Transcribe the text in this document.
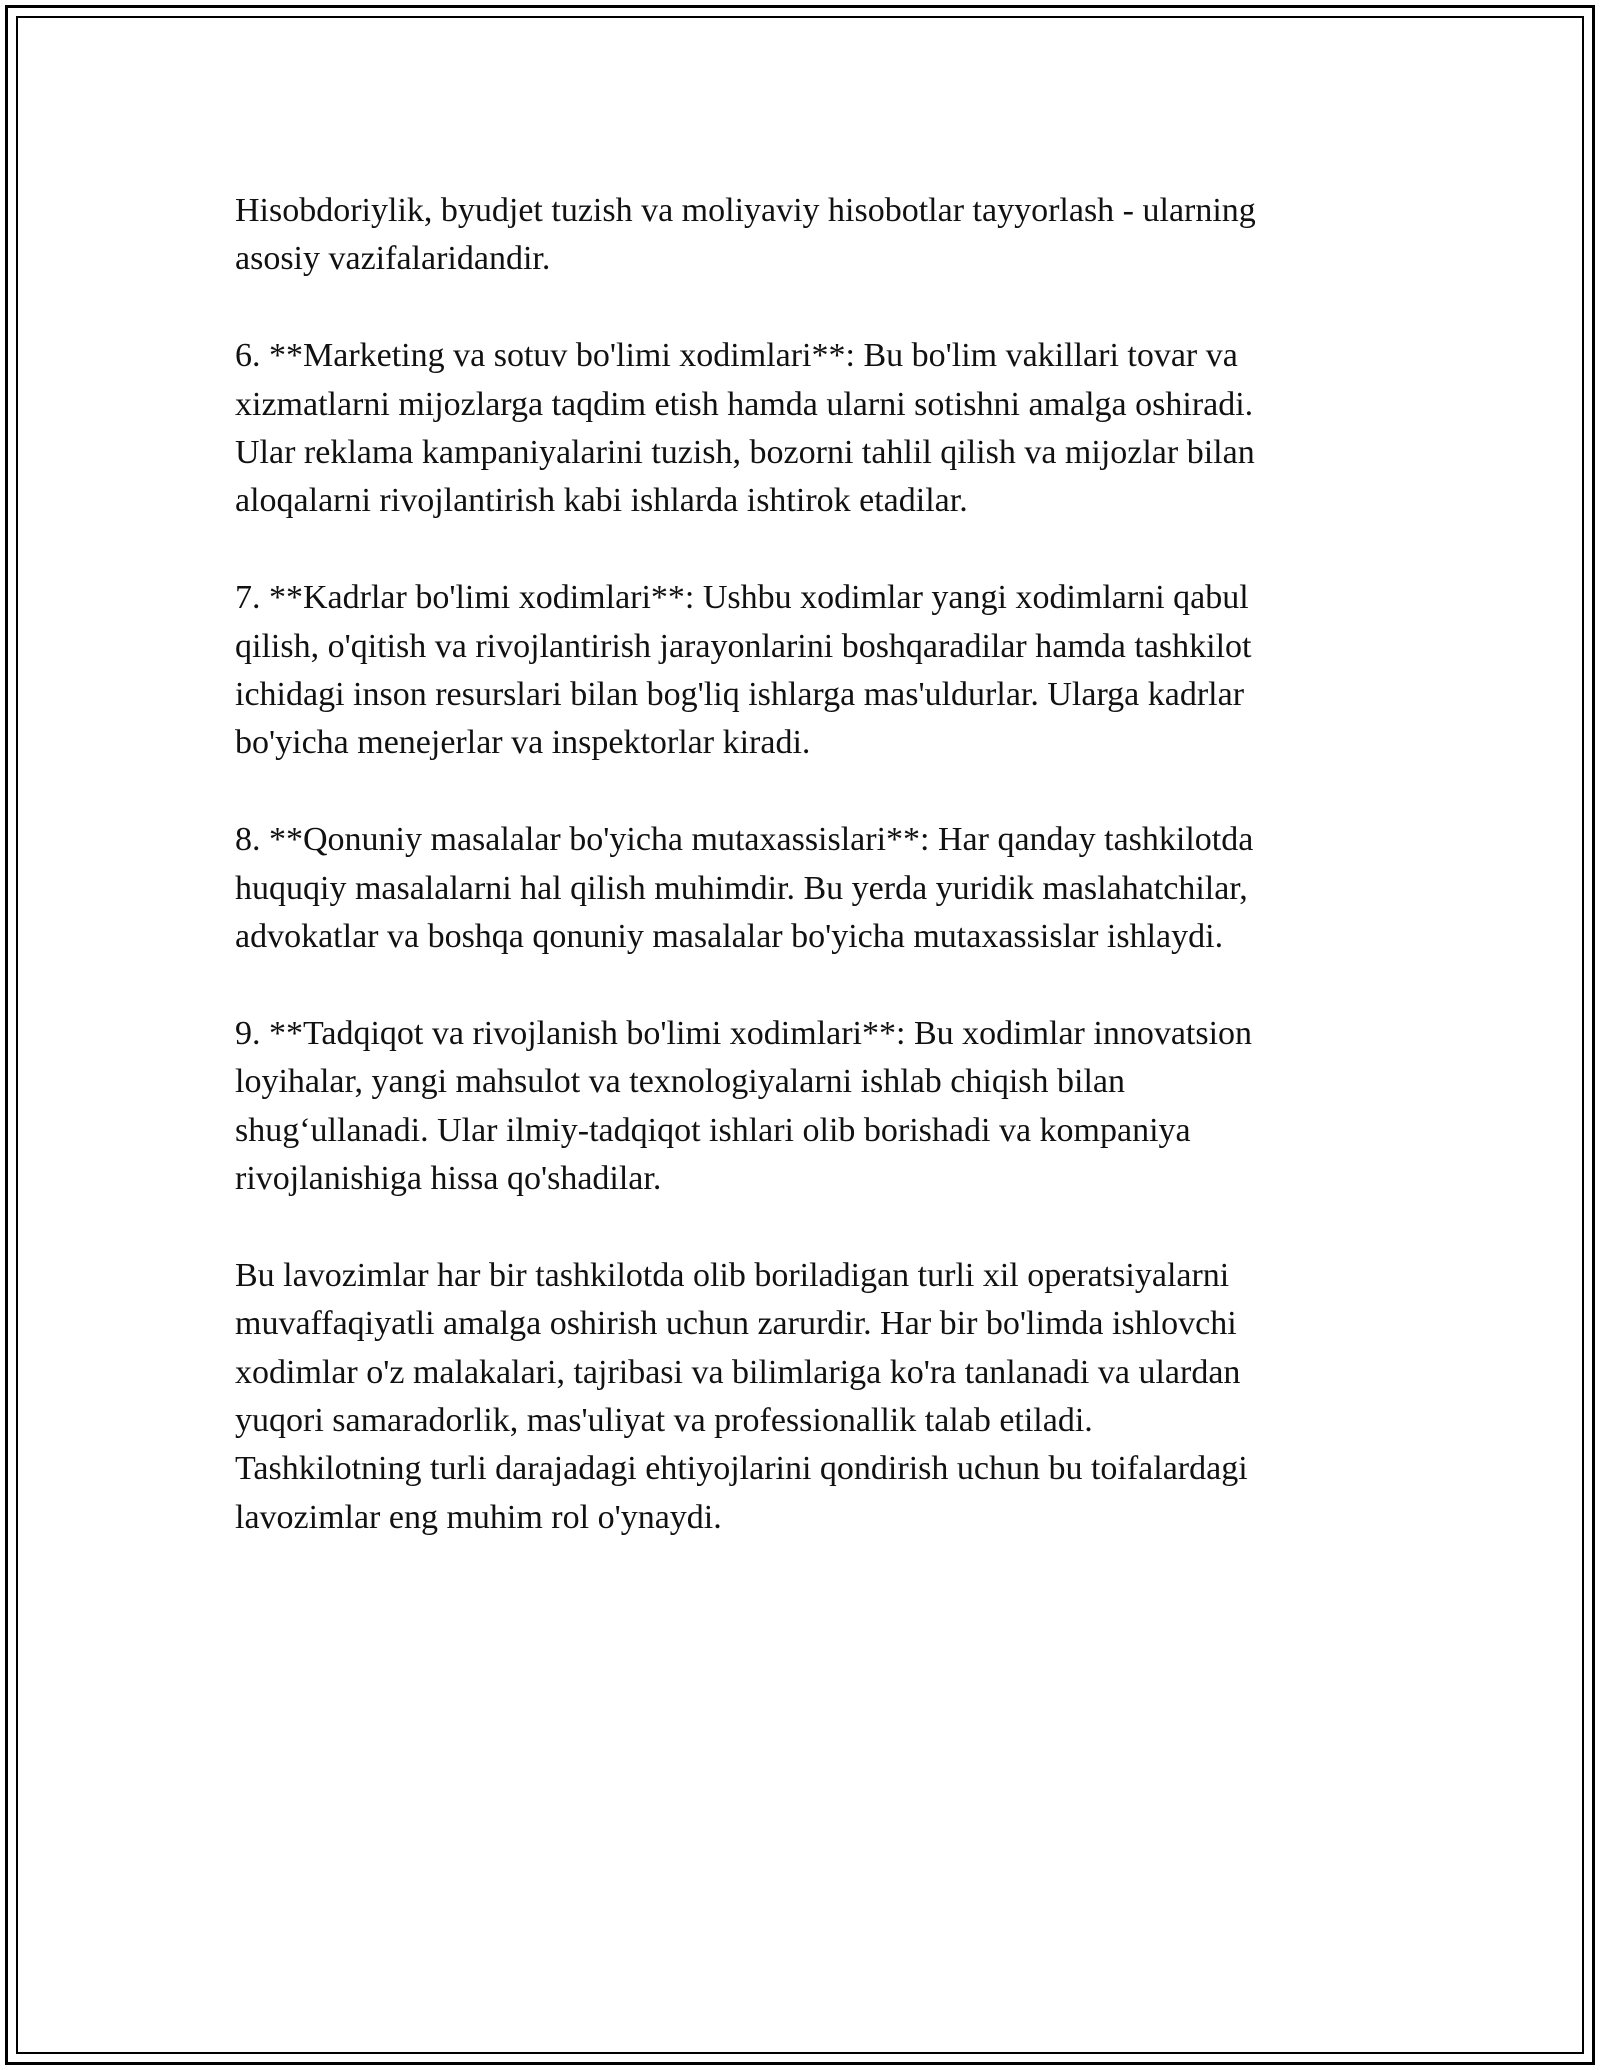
Hisobdoriylik, byudjet tuzish va moliyaviy hisobotlar tayyorlash - ularning
asosiy vazifalaridandir.

6. **Marketing va sotuv bo'limi xodimlari**: Bu bo'lim vakillari tovar va
xizmatlarni mijozlarga taqdim etish hamda ularni sotishni amalga oshiradi.
Ular reklama kampaniyalarini tuzish, bozorni tahlil qilish va mijozlar bilan
aloqalarni rivojlantirish kabi ishlarda ishtirok etadilar.

7. **Kadrlar bo'limi xodimlari**: Ushbu xodimlar yangi xodimlarni qabul
qilish, o'qitish va rivojlantirish jarayonlarini boshqaradilar hamda tashkilot
ichidagi inson resurslari bilan bog'liq ishlarga mas'uldurlar. Ularga kadrlar
bo'yicha menejerlar va inspektorlar kiradi.

8. **Qonuniy masalalar bo'yicha mutaxassislari**: Har qanday tashkilotda
huquqiy masalalarni hal qilish muhimdir. Bu yerda yuridik maslahatchilar,
advokatlar va boshqa qonuniy masalalar bo'yicha mutaxassislar ishlaydi.

9. **Tadqiqot va rivojlanish bo'limi xodimlari**: Bu xodimlar innovatsion
loyihalar, yangi mahsulot va texnologiyalarni ishlab chiqish bilan
shug‘ullanadi. Ular ilmiy-tadqiqot ishlari olib borishadi va kompaniya
rivojlanishiga hissa qo'shadilar.

Bu lavozimlar har bir tashkilotda olib boriladigan turli xil operatsiyalarni
muvaffaqiyatli amalga oshirish uchun zarurdir. Har bir bo'limda ishlovchi
xodimlar o'z malakalari, tajribasi va bilimlariga ko'ra tanlanadi va ulardan
yuqori samaradorlik, mas'uliyat va professionallik talab etiladi.
Tashkilotning turli darajadagi ehtiyojlarini qondirish uchun bu toifalardagi
lavozimlar eng muhim rol o'ynaydi.
